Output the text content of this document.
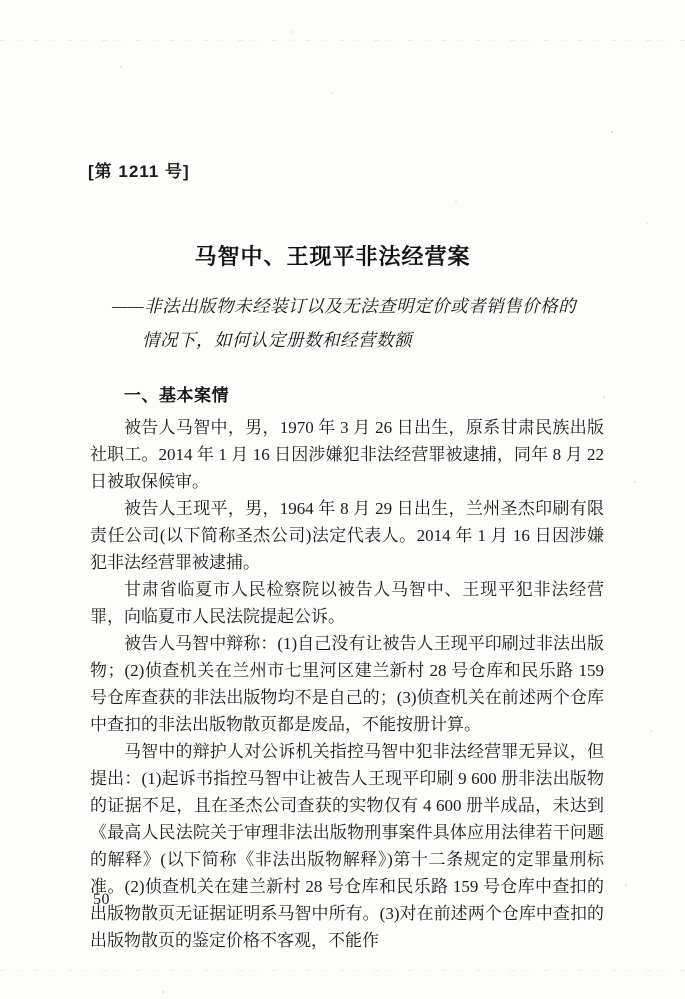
[第 1211 号]
马智中、王现平非法经营案
——非法出版物未经装订以及无法查明定价或者销售价格的
情况下，如何认定册数和经营数额
一、基本案情

被告人马智中，男，1970 年 3 月 26 日出生，原系甘肃民族出版社职工。2014 年 1 月 16 日因涉嫌犯非法经营罪被逮捕，同年 8 月 22 日被取保候审。

被告人王现平，男，1964 年 8 月 29 日出生，兰州圣杰印刷有限责任公司(以下简称圣杰公司)法定代表人。2014 年 1 月 16 日因涉嫌犯非法经营罪被逮捕。

甘肃省临夏市人民检察院以被告人马智中、王现平犯非法经营罪，向临夏市人民法院提起公诉。

被告人马智中辩称：(1)自己没有让被告人王现平印刷过非法出版物；(2)侦查机关在兰州市七里河区建兰新村 28 号仓库和民乐路 159 号仓库查获的非法出版物均不是自己的；(3)侦查机关在前述两个仓库中查扣的非法出版物散页都是废品，不能按册计算。

马智中的辩护人对公诉机关指控马智中犯非法经营罪无异议，但提出：(1)起诉书指控马智中让被告人王现平印刷 9 600 册非法出版物的证据不足，且在圣杰公司查获的实物仅有 4 600 册半成品，未达到《最高人民法院关于审理非法出版物刑事案件具体应用法律若干问题的解释》(以下简称《非法出版物解释》)第十二条规定的定罪量刑标准。(2)侦查机关在建兰新村 28 号仓库和民乐路 159 号仓库中查扣的出版物散页无证据证明系马智中所有。(3)对在前述两个仓库中查扣的出版物散页的鉴定价格不客观，不能作

50
